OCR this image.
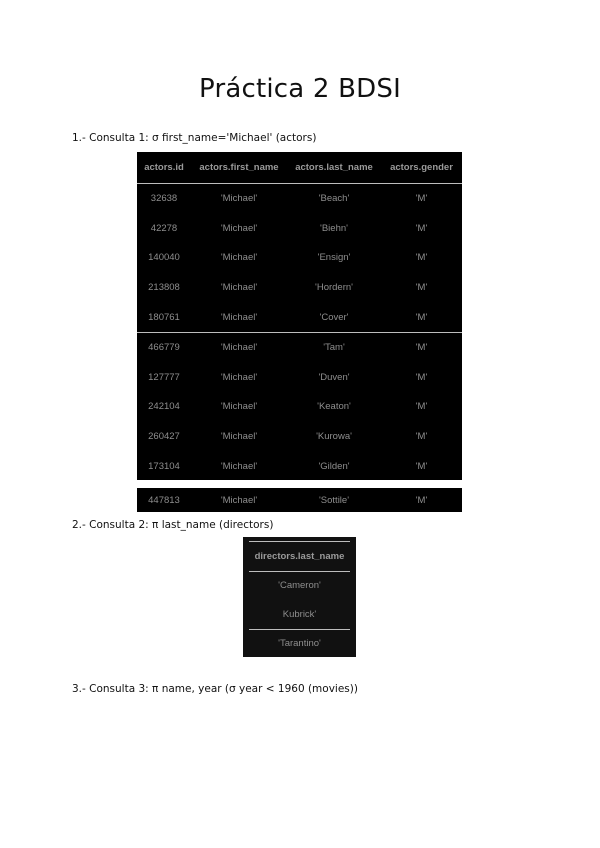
Práctica 2 BDSI
1.- Consulta 1: σ first_name='Michael' (actors)
actors.id	actors.first_name	actors.last_name	actors.gender
32638	'Michael'	'Beach'	'M'
42278	'Michael'	'Biehn'	'M'
140040	'Michael'	'Ensign'	'M'
213808	'Michael'	'Hordern'	'M'
180761	'Michael'	'Cover'	'M'
466779	'Michael'	'Tam'	'M'
127777	'Michael'	'Duven'	'M'
242104	'Michael'	'Keaton'	'M'
260427	'Michael'	'Kurowa'	'M'
173104	'Michael'	'Gilden'	'M'
447813	'Michael'	'Sottile'	'M'
2.- Consulta 2: π last_name (directors)
directors.last_name
'Cameron'
Kubrick'
'Tarantino'
3.- Consulta 3: π name, year (σ year < 1960 (movies))
